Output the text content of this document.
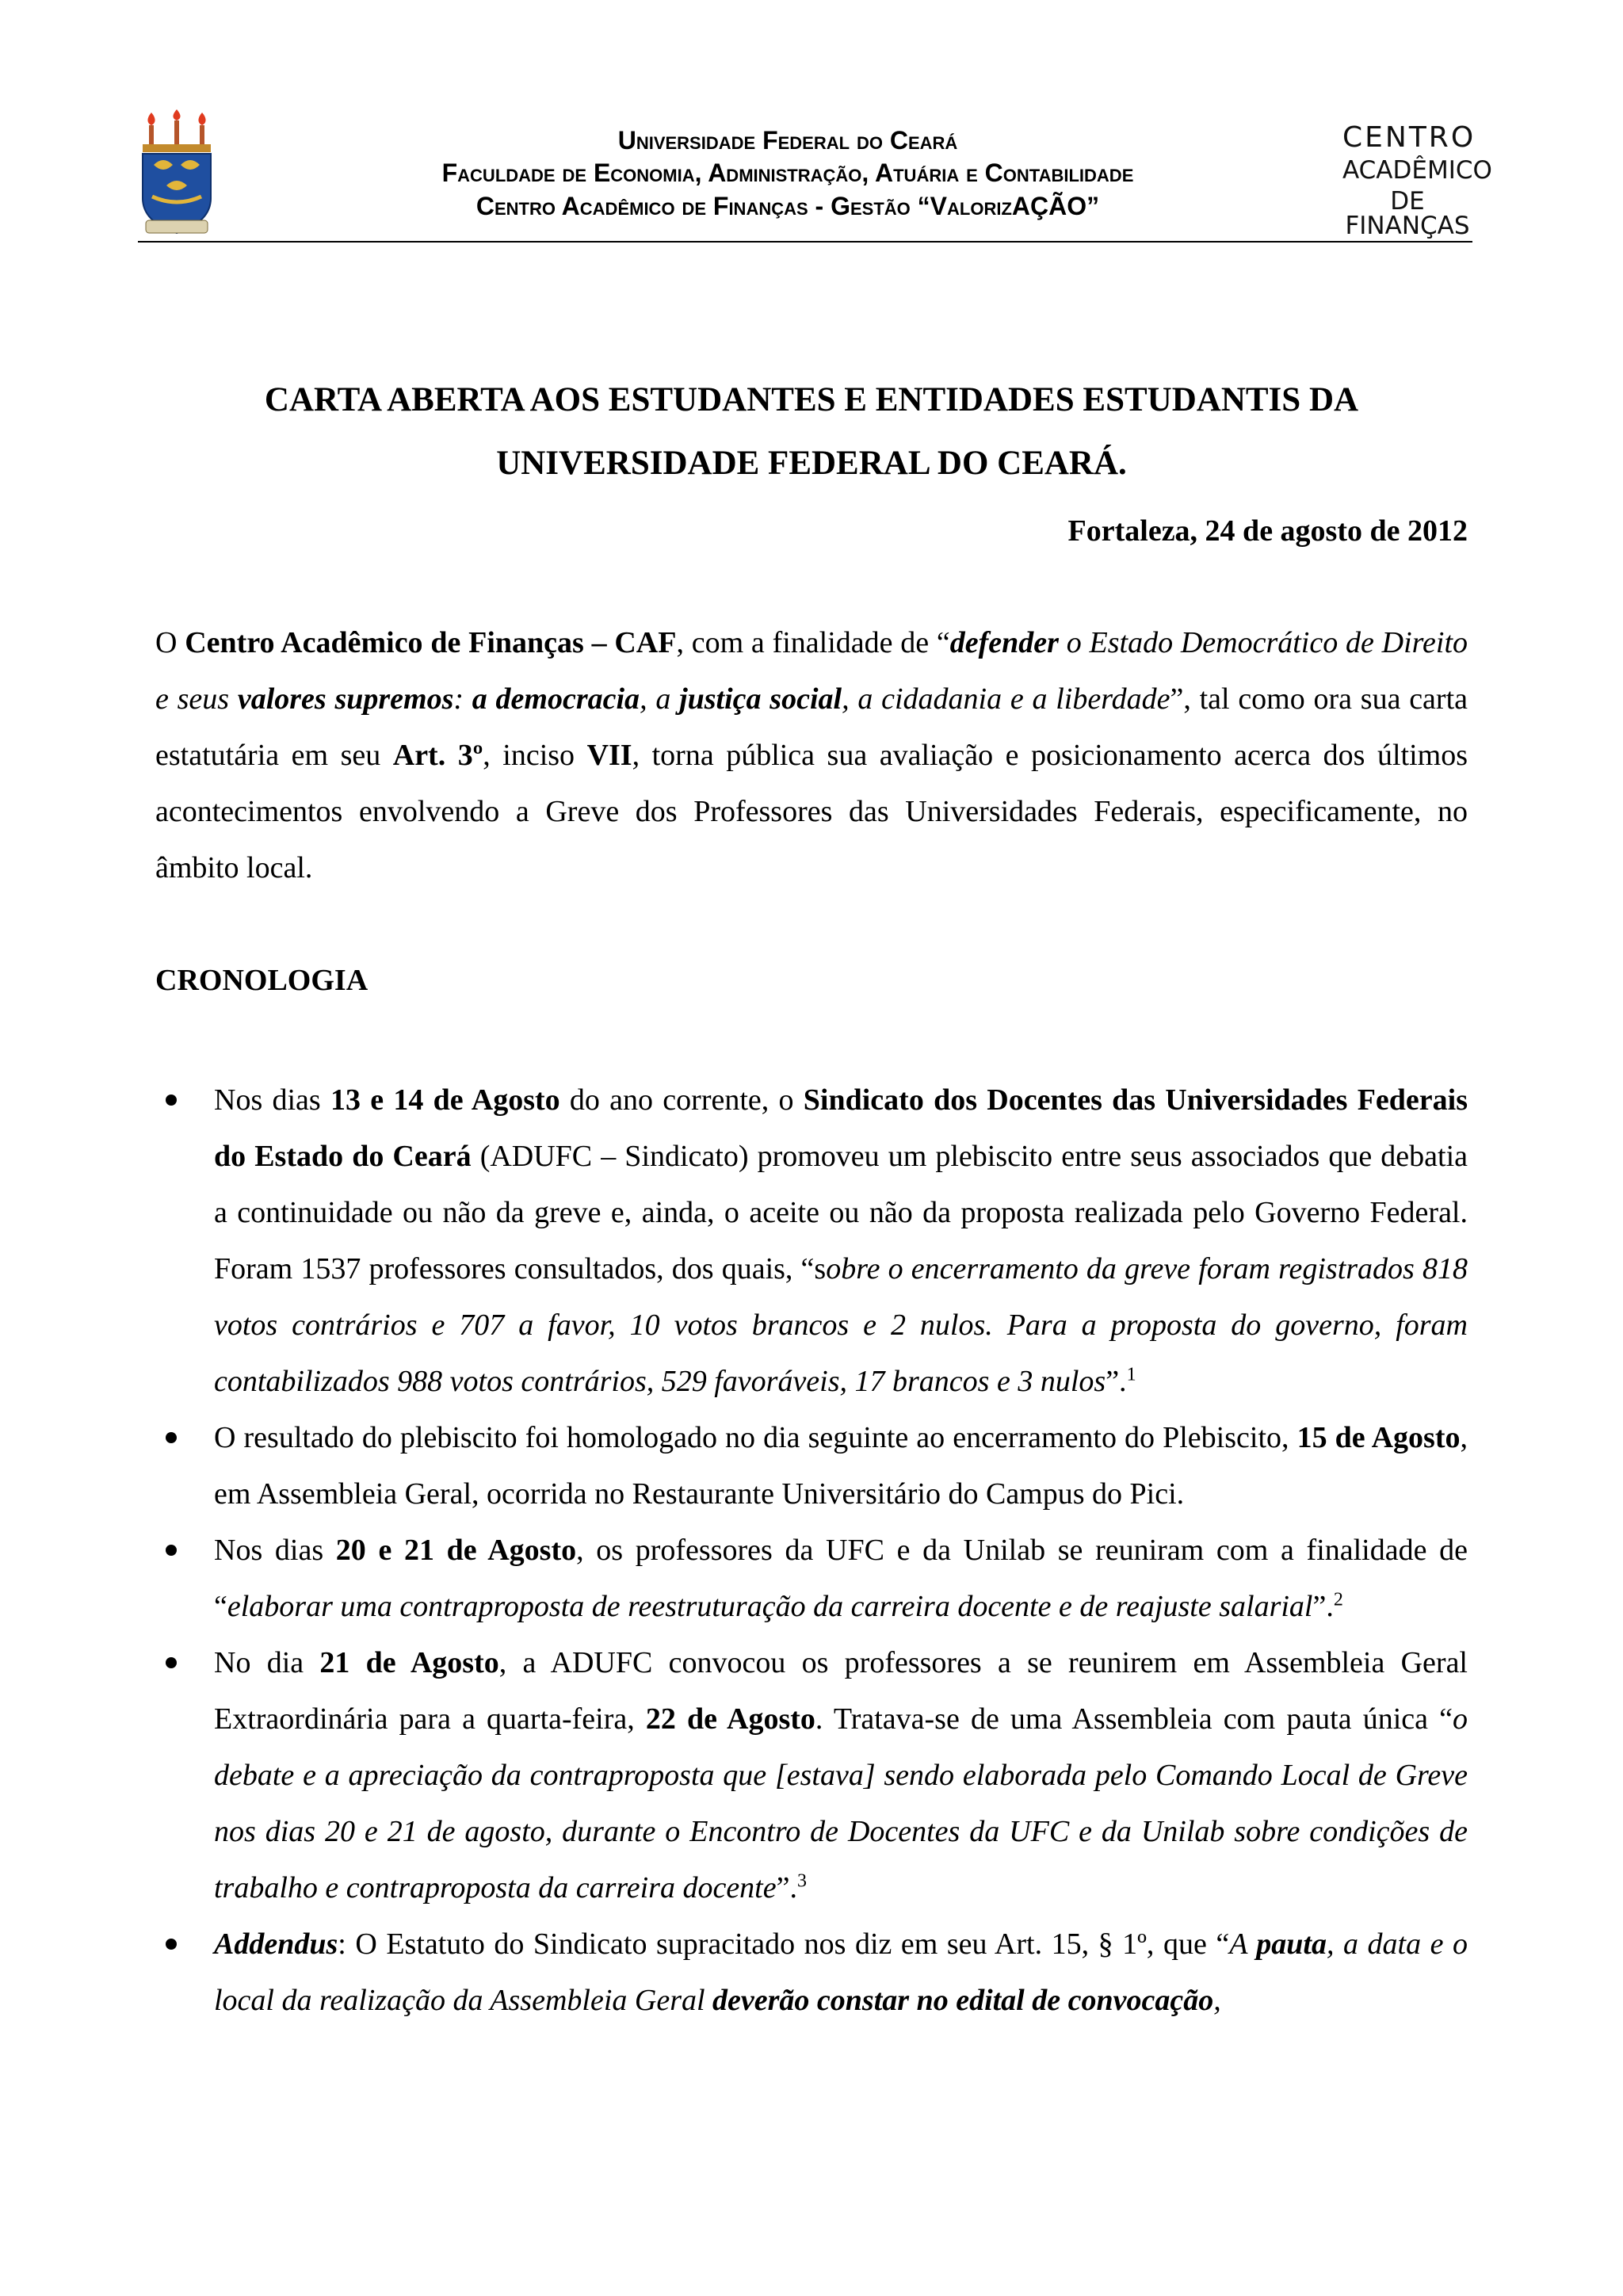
Universidade Federal do Ceará
Faculdade de Economia, Administração, Atuária e Contabilidade
Centro Acadêmico de Finanças - Gestão “ValorizAÇÃO”
CENTRO
ACADÊMICO
DE FINANÇAS
CARTA ABERTA AOS ESTUDANTES E ENTIDADES ESTUDANTIS DA
UNIVERSIDADE FEDERAL DO CEARÁ.
Fortaleza, 24 de agosto de 2012
O Centro Acadêmico de Finanças – CAF, com a finalidade de “defender o Estado Democrático de Direito e seus valores supremos: a democracia, a justiça social, a cidadania e a liberdade”, tal como ora sua carta estatutária em seu Art. 3º, inciso VII, torna pública sua avaliação e posicionamento acerca dos últimos acontecimentos envolvendo a Greve dos Professores das Universidades Federais, especificamente, no âmbito local.
CRONOLOGIA
Nos dias 13 e 14 de Agosto do ano corrente, o Sindicato dos Docentes das Universidades Federais do Estado do Ceará (ADUFC – Sindicato) promoveu um plebiscito entre seus associados que debatia a continuidade ou não da greve e, ainda, o aceite ou não da proposta realizada pelo Governo Federal. Foram 1537 professores consultados, dos quais, “sobre o encerramento da greve foram registrados 818 votos contrários e 707 a favor, 10 votos brancos e 2 nulos. Para a proposta do governo, foram contabilizados 988 votos contrários, 529 favoráveis, 17 brancos e 3 nulos”.$^1$
O resultado do plebiscito foi homologado no dia seguinte ao encerramento do Plebiscito, 15 de Agosto, em Assembleia Geral, ocorrida no Restaurante Universitário do Campus do Pici.
Nos dias 20 e 21 de Agosto, os professores da UFC e da Unilab se reuniram com a finalidade de “elaborar uma contraproposta de reestruturação da carreira docente e de reajuste salarial”.$^2$
No dia 21 de Agosto, a ADUFC convocou os professores a se reunirem em Assembleia Geral Extraordinária para a quarta-feira, 22 de Agosto. Tratava-se de uma Assembleia com pauta única “o debate e a apreciação da contraproposta que [estava] sendo elaborada pelo Comando Local de Greve nos dias 20 e 21 de agosto, durante o Encontro de Docentes da UFC e da Unilab sobre condições de trabalho e contraproposta da carreira docente”.$^3$
Addendus: O Estatuto do Sindicato supracitado nos diz em seu Art. 15, § 1º, que “A pauta, a data e o local da realização da Assembleia Geral deverão constar no edital de convocação,
